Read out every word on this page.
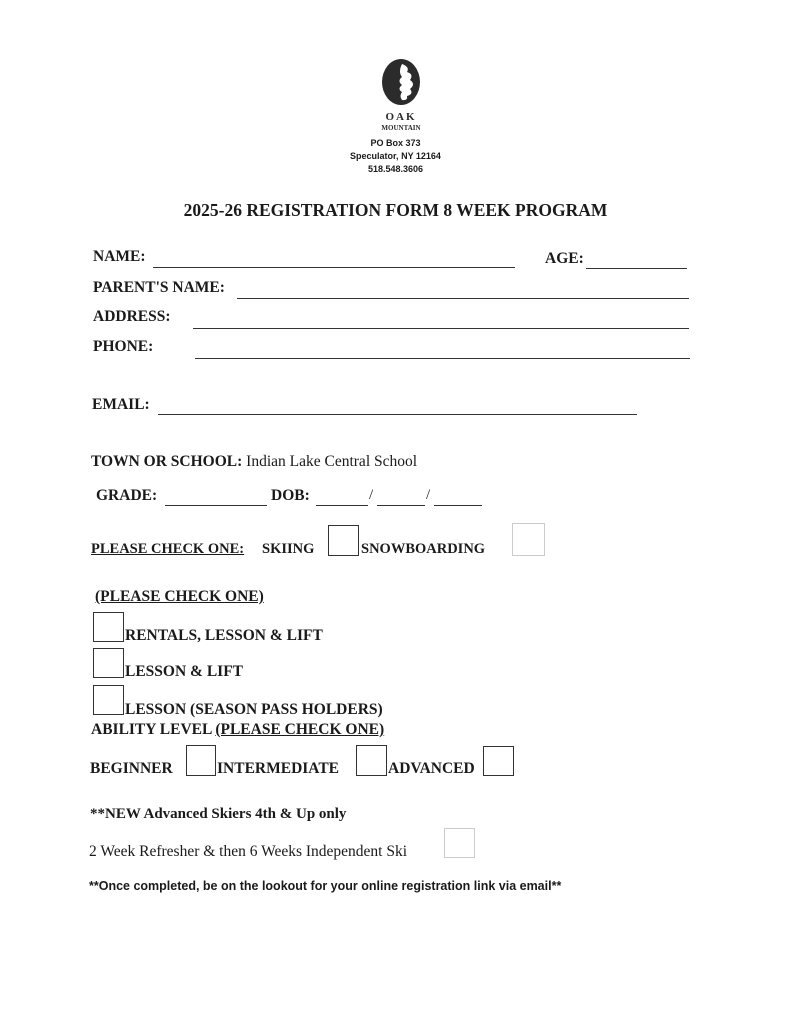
OAK
MOUNTAIN
PO Box 373
Speculator, NY 12164
518.548.3606
2025-26 REGISTRATION FORM 8 WEEK PROGRAM
NAME:	AGE:
PARENT'S NAME:
ADDRESS:
PHONE:
EMAIL:
TOWN OR SCHOOL: Indian Lake Central School
GRADE:	DOB:	/	/
PLEASE CHECK ONE: SKIING	SNOWBOARDING
(PLEASE CHECK ONE)
RENTALS, LESSON & LIFT
LESSON & LIFT
LESSON (SEASON PASS HOLDERS)
ABILITY LEVEL (PLEASE CHECK ONE)
BEGINNER	INTERMEDIATE	ADVANCED
**NEW Advanced Skiers 4th & Up only
2 Week Refresher & then 6 Weeks Independent Ski
**Once completed, be on the lookout for your online registration link via email**
